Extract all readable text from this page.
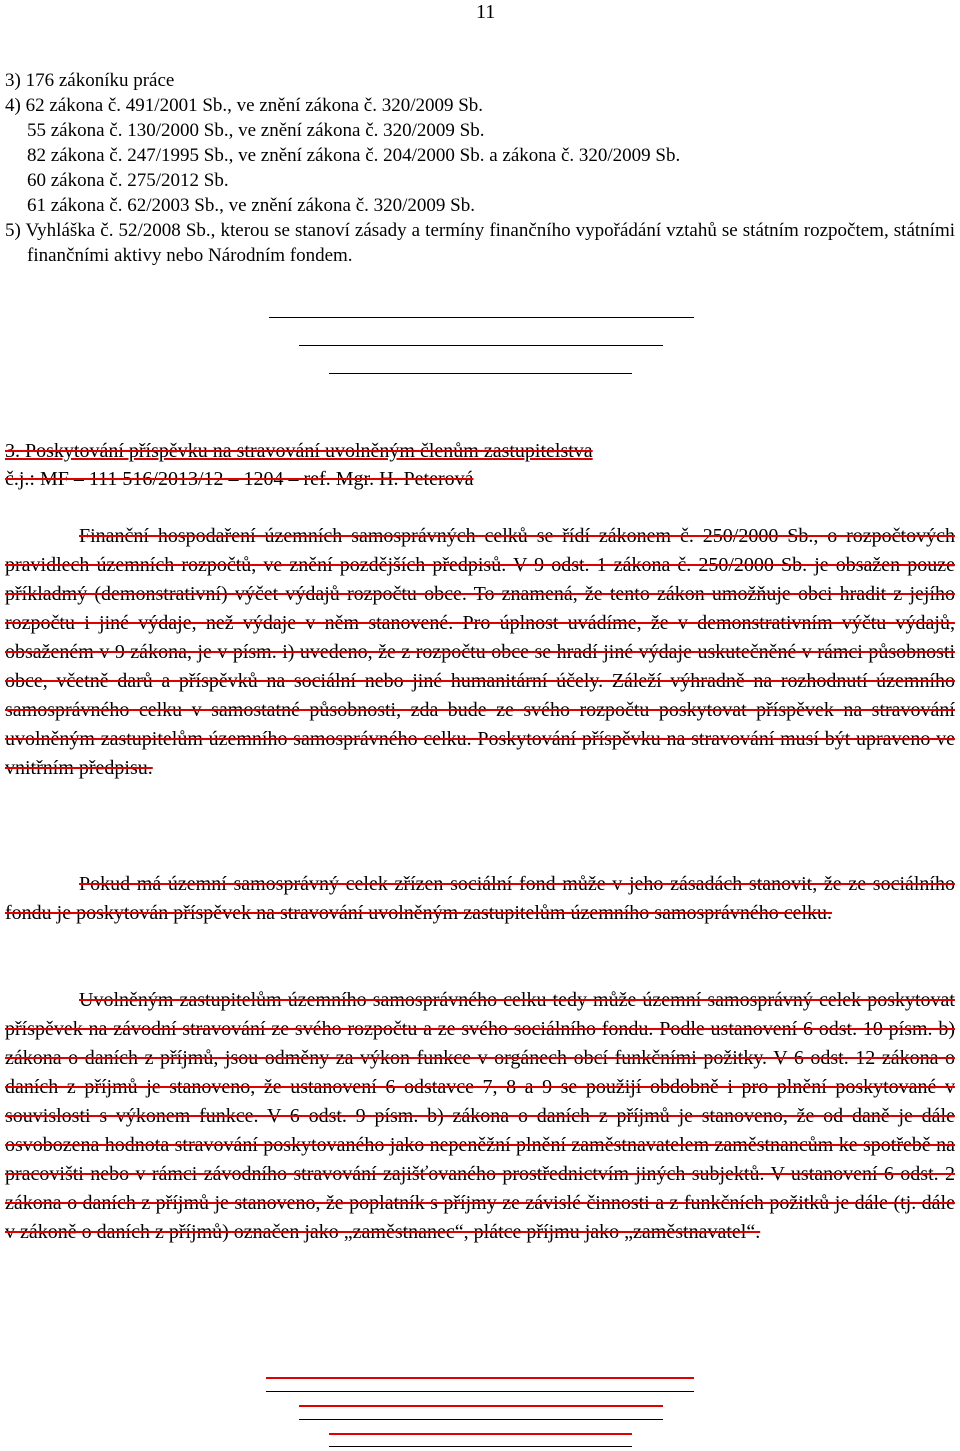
11
3) 176 zákoníku práce
4) 62 zákona č. 491/2001 Sb., ve znění zákona č. 320/2009 Sb.
55 zákona č. 130/2000 Sb., ve znění zákona č. 320/2009 Sb.
82 zákona č. 247/1995 Sb., ve znění zákona č. 204/2000 Sb. a zákona č. 320/2009 Sb.
60 zákona č. 275/2012 Sb.
61 zákona č. 62/2003 Sb., ve znění zákona č. 320/2009 Sb.
5) Vyhláška č. 52/2008 Sb., kterou se stanoví zásady a termíny finančního vypořádání vztahů se státním rozpočtem, státními finančními aktivy nebo Národním fondem.
3. Poskytování příspěvku na stravování uvolněným členům zastupitelstva
č.j.: MF – 111 516/2013/12 – 1204 – ref. Mgr. H. Peterová
Finanční hospodaření územních samosprávných celků se řídí zákonem č. 250/2000 Sb., o rozpočtových pravidlech územních rozpočtů, ve znění pozdějších předpisů. V 9 odst. 1 zákona č. 250/2000 Sb. je obsažen pouze příkladmý (demonstrativní) výčet výdajů rozpočtu obce. To znamená, že tento zákon umožňuje obci hradit z jejího rozpočtu i jiné výdaje, než výdaje v něm stanovené. Pro úplnost uvádíme, že v demonstrativním výčtu výdajů, obsaženém v 9 zákona, je v písm. i) uvedeno, že z rozpočtu obce se hradí jiné výdaje uskutečněné v rámci působnosti obce, včetně darů a příspěvků na sociální nebo jiné humanitární účely. Záleží výhradně na rozhodnutí územního samosprávného celku v samostatné působnosti, zda bude ze svého rozpočtu poskytovat příspěvek na stravování uvolněným zastupitelům územního samosprávného celku. Poskytování příspěvku na stravování musí být upraveno ve vnitřním předpisu.
Pokud má územní samosprávný celek zřízen sociální fond může v jeho zásadách stanovit, že ze sociálního fondu je poskytován příspěvek na stravování uvolněným zastupitelům územního samosprávného celku.
Uvolněným zastupitelům územního samosprávného celku tedy může územní samosprávný celek poskytovat příspěvek na závodní stravování ze svého rozpočtu a ze svého sociálního fondu. Podle ustanovení 6 odst. 10 písm. b) zákona o daních z příjmů, jsou odměny za výkon funkce v orgánech obcí funkčními požitky. V 6 odst. 12 zákona o daních z příjmů je stanoveno, že ustanovení 6 odstavce 7, 8 a 9 se použijí obdobně i pro plnění poskytované v souvislosti s výkonem funkce. V 6 odst. 9 písm. b) zákona o daních z příjmů je stanoveno, že od daně je dále osvobozena hodnota stravování poskytovaného jako nepeněžní plnění zaměstnavatelem zaměstnancům ke spotřebě na pracovišti nebo v rámci závodního stravování zajišťovaného prostřednictvím jiných subjektů. V ustanovení 6 odst. 2 zákona o daních z příjmů je stanoveno, že poplatník s příjmy ze závislé činnosti a z funkčních požitků je dále (tj. dále v zákoně o daních z příjmů) označen jako „zaměstnanec“, plátce příjmu jako „zaměstnavatel“.
